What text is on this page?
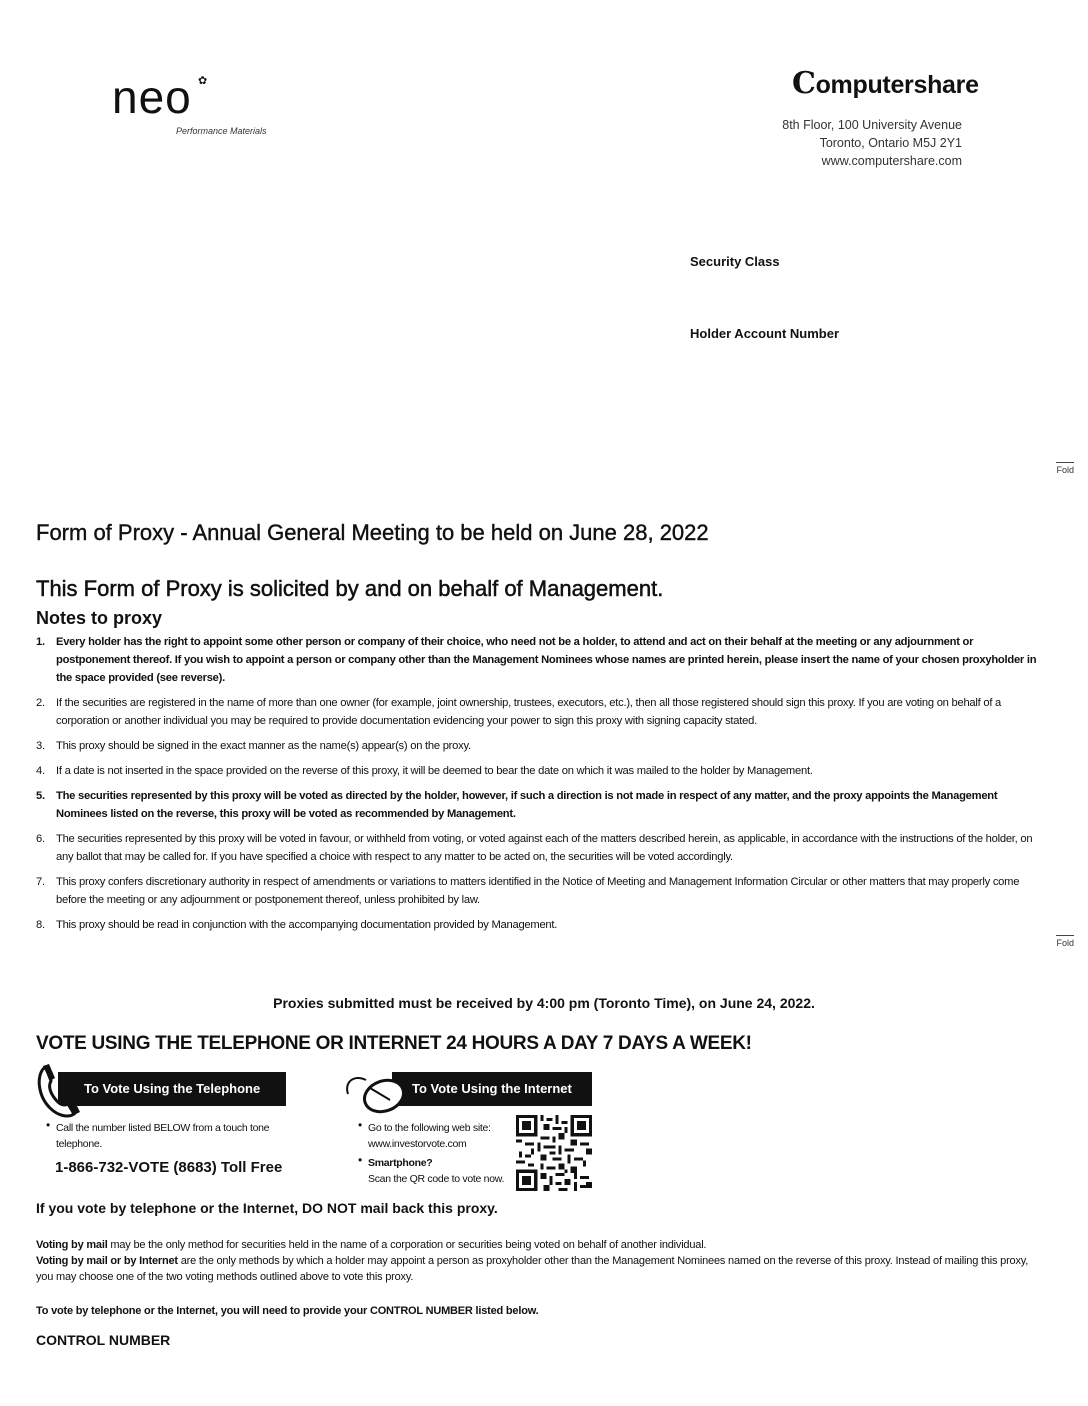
✿
neo
Performance Materials
Computershare
8th Floor, 100 University Avenue
Toronto, Ontario M5J 2Y1
www.computershare.com
Security Class
Holder Account Number
Fold
Fold
Form of Proxy - Annual General Meeting to be held on June 28, 2022
This Form of Proxy is solicited by and on behalf of Management.
Notes to proxy
1. Every holder has the right to appoint some other person or company of their choice, who need not be a holder, to attend and act on their behalf at the meeting or any adjournment or postponement thereof. If you wish to appoint a person or company other than the Management Nominees whose names are printed herein, please insert the name of your chosen proxyholder in the space provided (see reverse).
2. If the securities are registered in the name of more than one owner (for example, joint ownership, trustees, executors, etc.), then all those registered should sign this proxy. If you are voting on behalf of a corporation or another individual you may be required to provide documentation evidencing your power to sign this proxy with signing capacity stated.
3. This proxy should be signed in the exact manner as the name(s) appear(s) on the proxy.
4. If a date is not inserted in the space provided on the reverse of this proxy, it will be deemed to bear the date on which it was mailed to the holder by Management.
5. The securities represented by this proxy will be voted as directed by the holder, however, if such a direction is not made in respect of any matter, and the proxy appoints the Management Nominees listed on the reverse, this proxy will be voted as recommended by Management.
6. The securities represented by this proxy will be voted in favour, or withheld from voting, or voted against each of the matters described herein, as applicable, in accordance with the instructions of the holder, on any ballot that may be called for. If you have specified a choice with respect to any matter to be acted on, the securities will be voted accordingly.
7. This proxy confers discretionary authority in respect of amendments or variations to matters identified in the Notice of Meeting and Management Information Circular or other matters that may properly come before the meeting or any adjournment or postponement thereof, unless prohibited by law.
8. This proxy should be read in conjunction with the accompanying documentation provided by Management.
Proxies submitted must be received by 4:00 pm (Toronto Time), on June 24, 2022.
VOTE USING THE TELEPHONE OR INTERNET 24 HOURS A DAY 7 DAYS A WEEK!
To Vote Using the Telephone
• Call the number listed BELOW from a touch tone telephone.
1-866-732-VOTE (8683) Toll Free
To Vote Using the Internet
• Go to the following web site:
www.investorvote.com
• Smartphone?
Scan the QR code to vote now.
If you vote by telephone or the Internet, DO NOT mail back this proxy.
Voting by mail may be the only method for securities held in the name of a corporation or securities being voted on behalf of another individual.
Voting by mail or by Internet are the only methods by which a holder may appoint a person as proxyholder other than the Management Nominees named on the reverse of this proxy. Instead of mailing this proxy, you may choose one of the two voting methods outlined above to vote this proxy.
To vote by telephone or the Internet, you will need to provide your CONTROL NUMBER listed below.
CONTROL NUMBER
